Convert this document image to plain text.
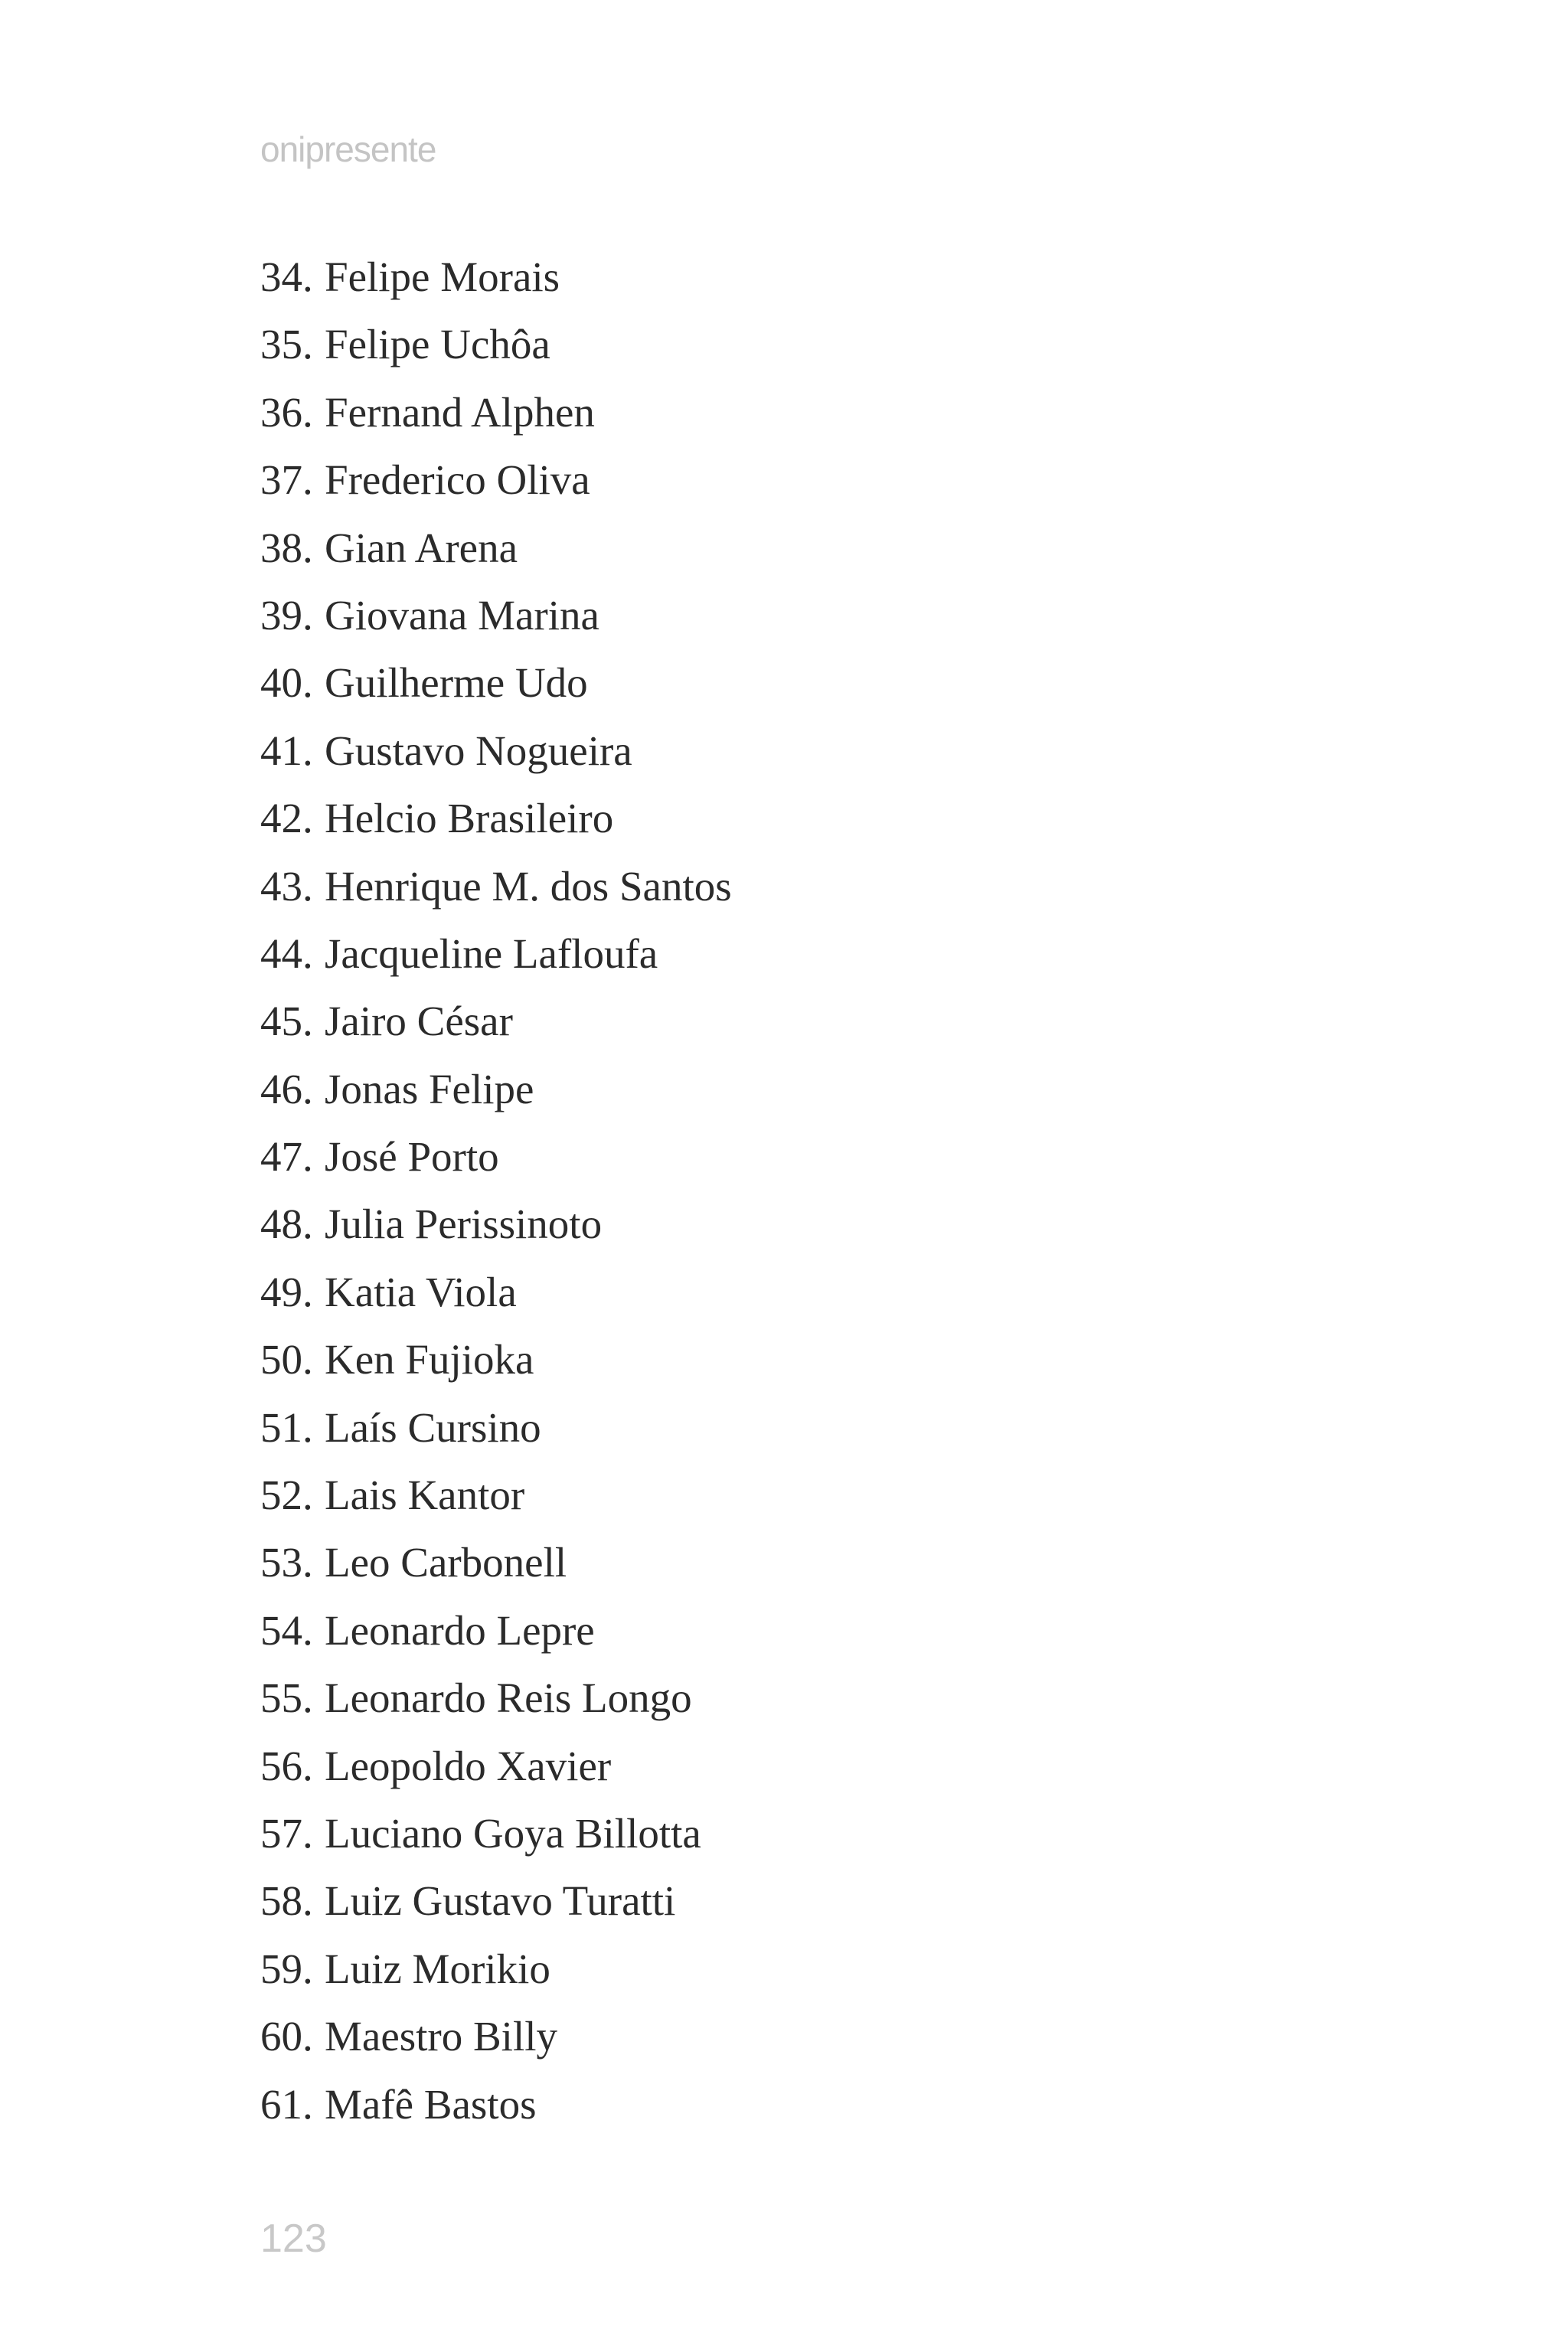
onipresente
34. Felipe Morais
35. Felipe Uchôa
36. Fernand Alphen
37. Frederico Oliva
38. Gian Arena
39. Giovana Marina
40. Guilherme Udo
41. Gustavo Nogueira
42. Helcio Brasileiro
43. Henrique M. dos Santos
44. Jacqueline Lafloufa
45. Jairo César
46. Jonas Felipe
47. José Porto
48. Julia Perissinoto
49. Katia Viola
50. Ken Fujioka
51. Laís Cursino
52. Lais Kantor
53. Leo Carbonell
54. Leonardo Lepre
55. Leonardo Reis Longo
56. Leopoldo Xavier
57. Luciano Goya Billotta
58. Luiz Gustavo Turatti
59. Luiz Morikio
60. Maestro Billy
61. Mafê Bastos
123
